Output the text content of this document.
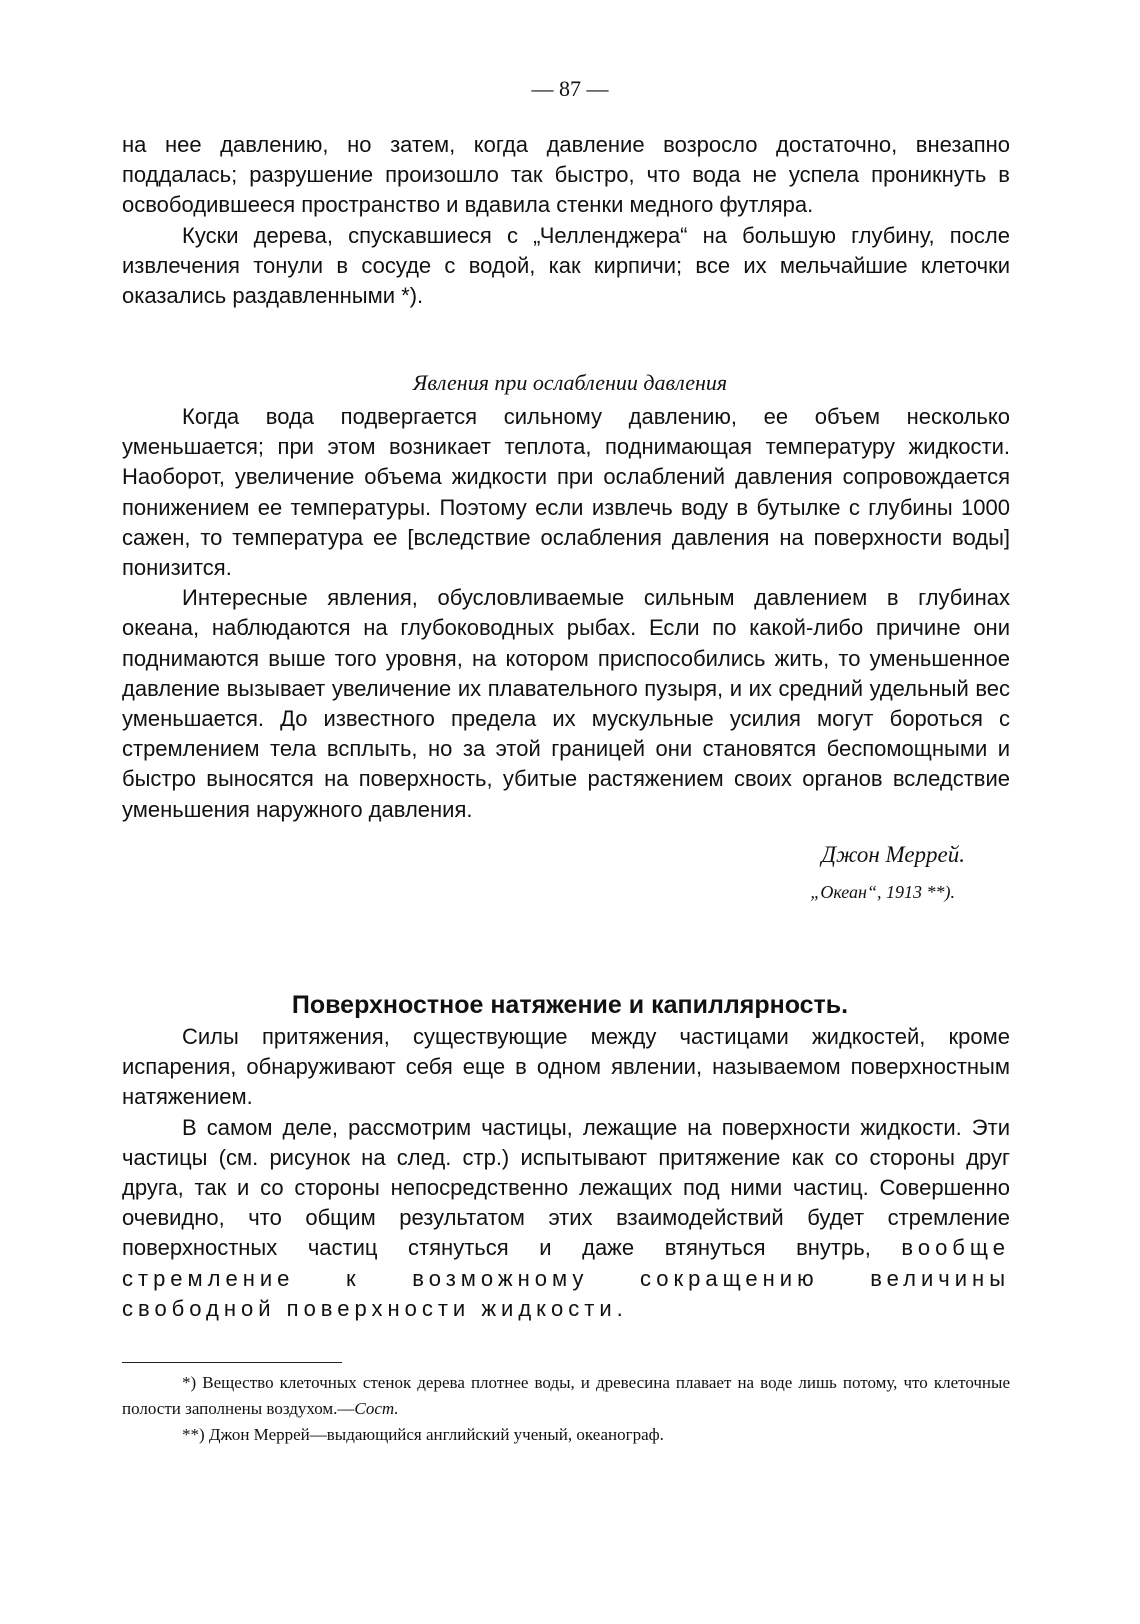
— 87 —

на нее давлению, но затем, когда давление возросло достаточно, внезапно поддалась; разрушение произошло так быстро, что вода не успела проникнуть в освободившееся пространство и вдавила стенки медного футляра.

Куски дерева, спускавшиеся с „Челленджера“ на большую глубину, после извлечения тонули в сосуде с водой, как кирпичи; все их мельчайшие клеточки оказались раздавленными *).

Явления при ослаблении давления

Когда вода подвергается сильному давлению, ее объем несколько уменьшается; при этом возникает теплота, поднимающая температуру жидкости. Наоборот, увеличение объема жидкости при ослаблений давления сопровождается понижением ее температуры. Поэтому если извлечь воду в бутылке с глубины 1000 сажен, то температура ее [вследствие ослабления давления на поверхности воды] понизится.

Интересные явления, обусловливаемые сильным давлением в глубинах океана, наблюдаются на глубоководных рыбах. Если по какой-либо причине они поднимаются выше того уровня, на котором приспособились жить, то уменьшенное давление вызывает увеличение их плавательного пузыря, и их средний удельный вес уменьшается. До известного предела их мускульные усилия могут бороться с стремлением тела всплыть, но за этой границей они становятся беспомощными и быстро выносятся на поверхность, убитые растяжением своих органов вследствие уменьшения наружного давления.

Джон Меррей.
„Океан“, 1913 **).
Поверхностное натяжение и капиллярность.

Силы притяжения, существующие между частицами жидкостей, кроме испарения, обнаруживают себя еще в одном явлении, называемом поверхностным натяжением.

В самом деле, рассмотрим частицы, лежащие на поверхности жидкости. Эти частицы (см. рисунок на след. стр.) испытывают притяжение как со стороны друг друга, так и со стороны непосредственно лежащих под ними частиц. Совершенно очевидно, что общим результатом этих взаимодействий будет стремление поверхностных частиц стянуться и даже втянуться внутрь, вообще стремление к возможному сокращению величины свободной поверхности жидкости.

*) Вещество клеточных стенок дерева плотнее воды, и древесина плавает на воде лишь потому, что клеточные полости заполнены воздухом.—Сост.

**) Джон Меррей—выдающийся английский ученый, океанограф.
